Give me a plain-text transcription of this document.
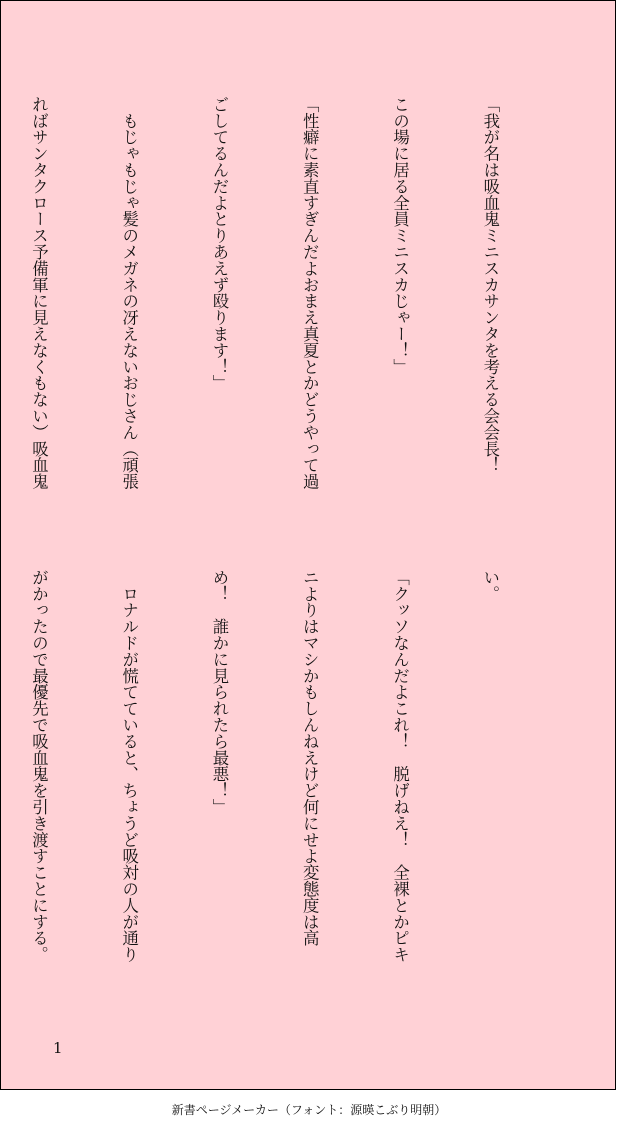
「我が名は吸血鬼ミニスカサンタを考える会会長！

この場に居る全員ミニスカじゃー！」

「性癖に素直すぎんだよおまえ真夏とかどうやって過

ごしてるんだよとりあえず殴ります！」

　もじゃもじゃ髪のメガネの冴えないおじさん（頑張

ればサンタクロース予備軍に見えなくもない）吸血鬼

い。

「クッソなんだよこれ！　脱げねえ！　全裸とかピキ

ニよりはマシかもしんねえけど何にせよ変態度は高

め！　誰かに見られたら最悪！」

　ロナルドが慌てていると、ちょうど吸対の人が通り

がかったので最優先で吸血鬼を引き渡すことにする。

1
新書ページメーカー（フォント：源暎こぶり明朝）
